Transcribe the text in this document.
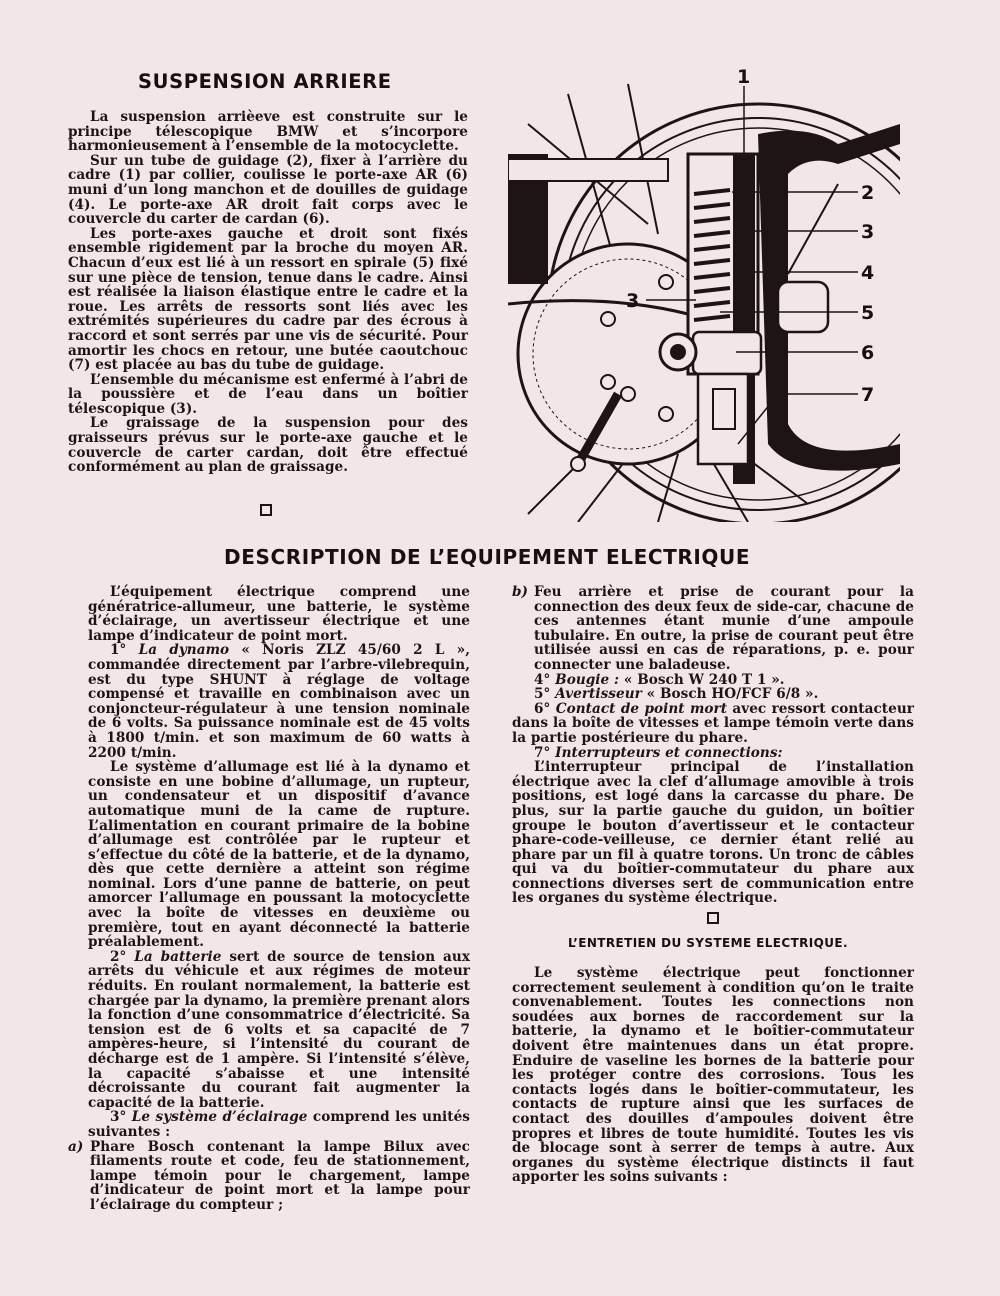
SUSPENSION ARRIERE

La suspension arrièeve est construite sur le principe télescopique BMW et s’incorpore harmonieusement à l’ensemble de la motocyclette.

Sur un tube de guidage (2), fixer à l’arrière du cadre (1) par collier, coulisse le porte-axe AR (6) muni d’un long manchon et de douilles de guidage (4). Le porte-axe AR droit fait corps avec le couvercle du carter de cardan (6).

Les porte-axes gauche et droit sont fixés ensemble rigidement par la broche du moyen AR. Chacun d’eux est lié à un ressort en spirale (5) fixé sur une pièce de tension, tenue dans le cadre. Ainsi est réalisée la liaison élastique entre le cadre et la roue. Les arrêts de ressorts sont liés avec les extrémités supérieures du cadre par des écrous à raccord et sont serrés par une vis de sécurité. Pour amortir les chocs en retour, une butée caoutchouc (7) est placée au bas du tube de guidage.

L’ensemble du mécanisme est enfermé à l’abri de la poussière et de l’eau dans un boîtier télescopique (3).

Le graissage de la suspension pour des graisseurs prévus sur le porte-axe gauche et le couvercle de carter cardan, doit être effectué conformément au plan de graissage.

1
2
3
4
5
6
7
3
DESCRIPTION DE L’EQUIPEMENT ELECTRIQUE

L’équipement électrique comprend une génératrice-allumeur, une batterie, le système d’éclairage, un avertisseur électrique et une lampe d’indicateur de point mort.

1° La dynamo « Noris ZLZ 45/60 2 L », commandée directement par l’arbre-vilebrequin, est du type SHUNT à réglage de voltage compensé et travaille en combinaison avec un conjoncteur-régulateur à une tension nominale de 6 volts. Sa puissance nominale est de 45 volts à 1800 t/min. et son maximum de 60 watts à 2200 t/min.

Le système d’allumage est lié à la dynamo et consiste en une bobine d’allumage, un rupteur, un condensateur et un dispositif d’avance automatique muni de la came de rupture. L’alimentation en courant primaire de la bobine d’allumage est contrôlée par le rupteur et s’effectue du côté de la batterie, et de la dynamo, dès que cette dernière a atteint son régime nominal. Lors d’une panne de batterie, on peut amorcer l’allumage en poussant la motocyclette avec la boîte de vitesses en deuxième ou première, tout en ayant déconnecté la batterie préalablement.

2° La batterie sert de source de tension aux arrêts du véhicule et aux régimes de moteur réduits. En roulant normalement, la batterie est chargée par la dynamo, la première prenant alors la fonction d’une consommatrice d’électricité. Sa tension est de 6 volts et sa capacité de 7 ampères-heure, si l’intensité du courant de décharge est de 1 ampère. Si l’intensité s’élève, la capacité s’abaisse et une intensité décroissante du courant fait augmenter la capacité de la batterie.

3° Le système d’éclairage comprend les unités suivantes :

a) Phare Bosch contenant la lampe Bilux avec filaments route et code, feu de stationnement, lampe témoin pour le chargement, lampe d’indicateur de point mort et la lampe pour l’éclairage du compteur ;
b) Feu arrière et prise de courant pour la connection des deux feux de side-car, chacune de ces antennes étant munie d’une ampoule tubulaire. En outre, la prise de courant peut être utilisée aussi en cas de réparations, p. e. pour connecter une baladeuse.

4° Bougie : « Bosch W 240 T 1 ».

5° Avertisseur « Bosch HO/FCF 6/8 ».

6° Contact de point mort avec ressort contacteur dans la boîte de vitesses et lampe témoin verte dans la partie postérieure du phare.

7° Interrupteurs et connections:

L’interrupteur principal de l’installation électrique avec la clef d’allumage amovible à trois positions, est logé dans la carcasse du phare. De plus, sur la partie gauche du guidon, un boîtier groupe le bouton d’avertisseur et le contacteur phare-code-veilleuse, ce dernier étant relié au phare par un fil à quatre torons. Un tronc de câbles qui va du boîtier-commutateur du phare aux connections diverses sert de communication entre les organes du système électrique.

L’ENTRETIEN DU SYSTEME ELECTRIQUE.

Le système électrique peut fonctionner correctement seulement à condition qu’on le traite convenablement. Toutes les connections non soudées aux bornes de raccordement sur la batterie, la dynamo et le boîtier-commutateur doivent être maintenues dans un état propre. Enduire de vaseline les bornes de la batterie pour les protéger contre des corrosions. Tous les contacts logés dans le boîtier-commutateur, les contacts de rupture ainsi que les surfaces de contact des douilles d’ampoules doivent être propres et libres de toute humidité. Toutes les vis de blocage sont à serrer de temps à autre. Aux organes du système électrique distincts il faut apporter les soins suivants :
